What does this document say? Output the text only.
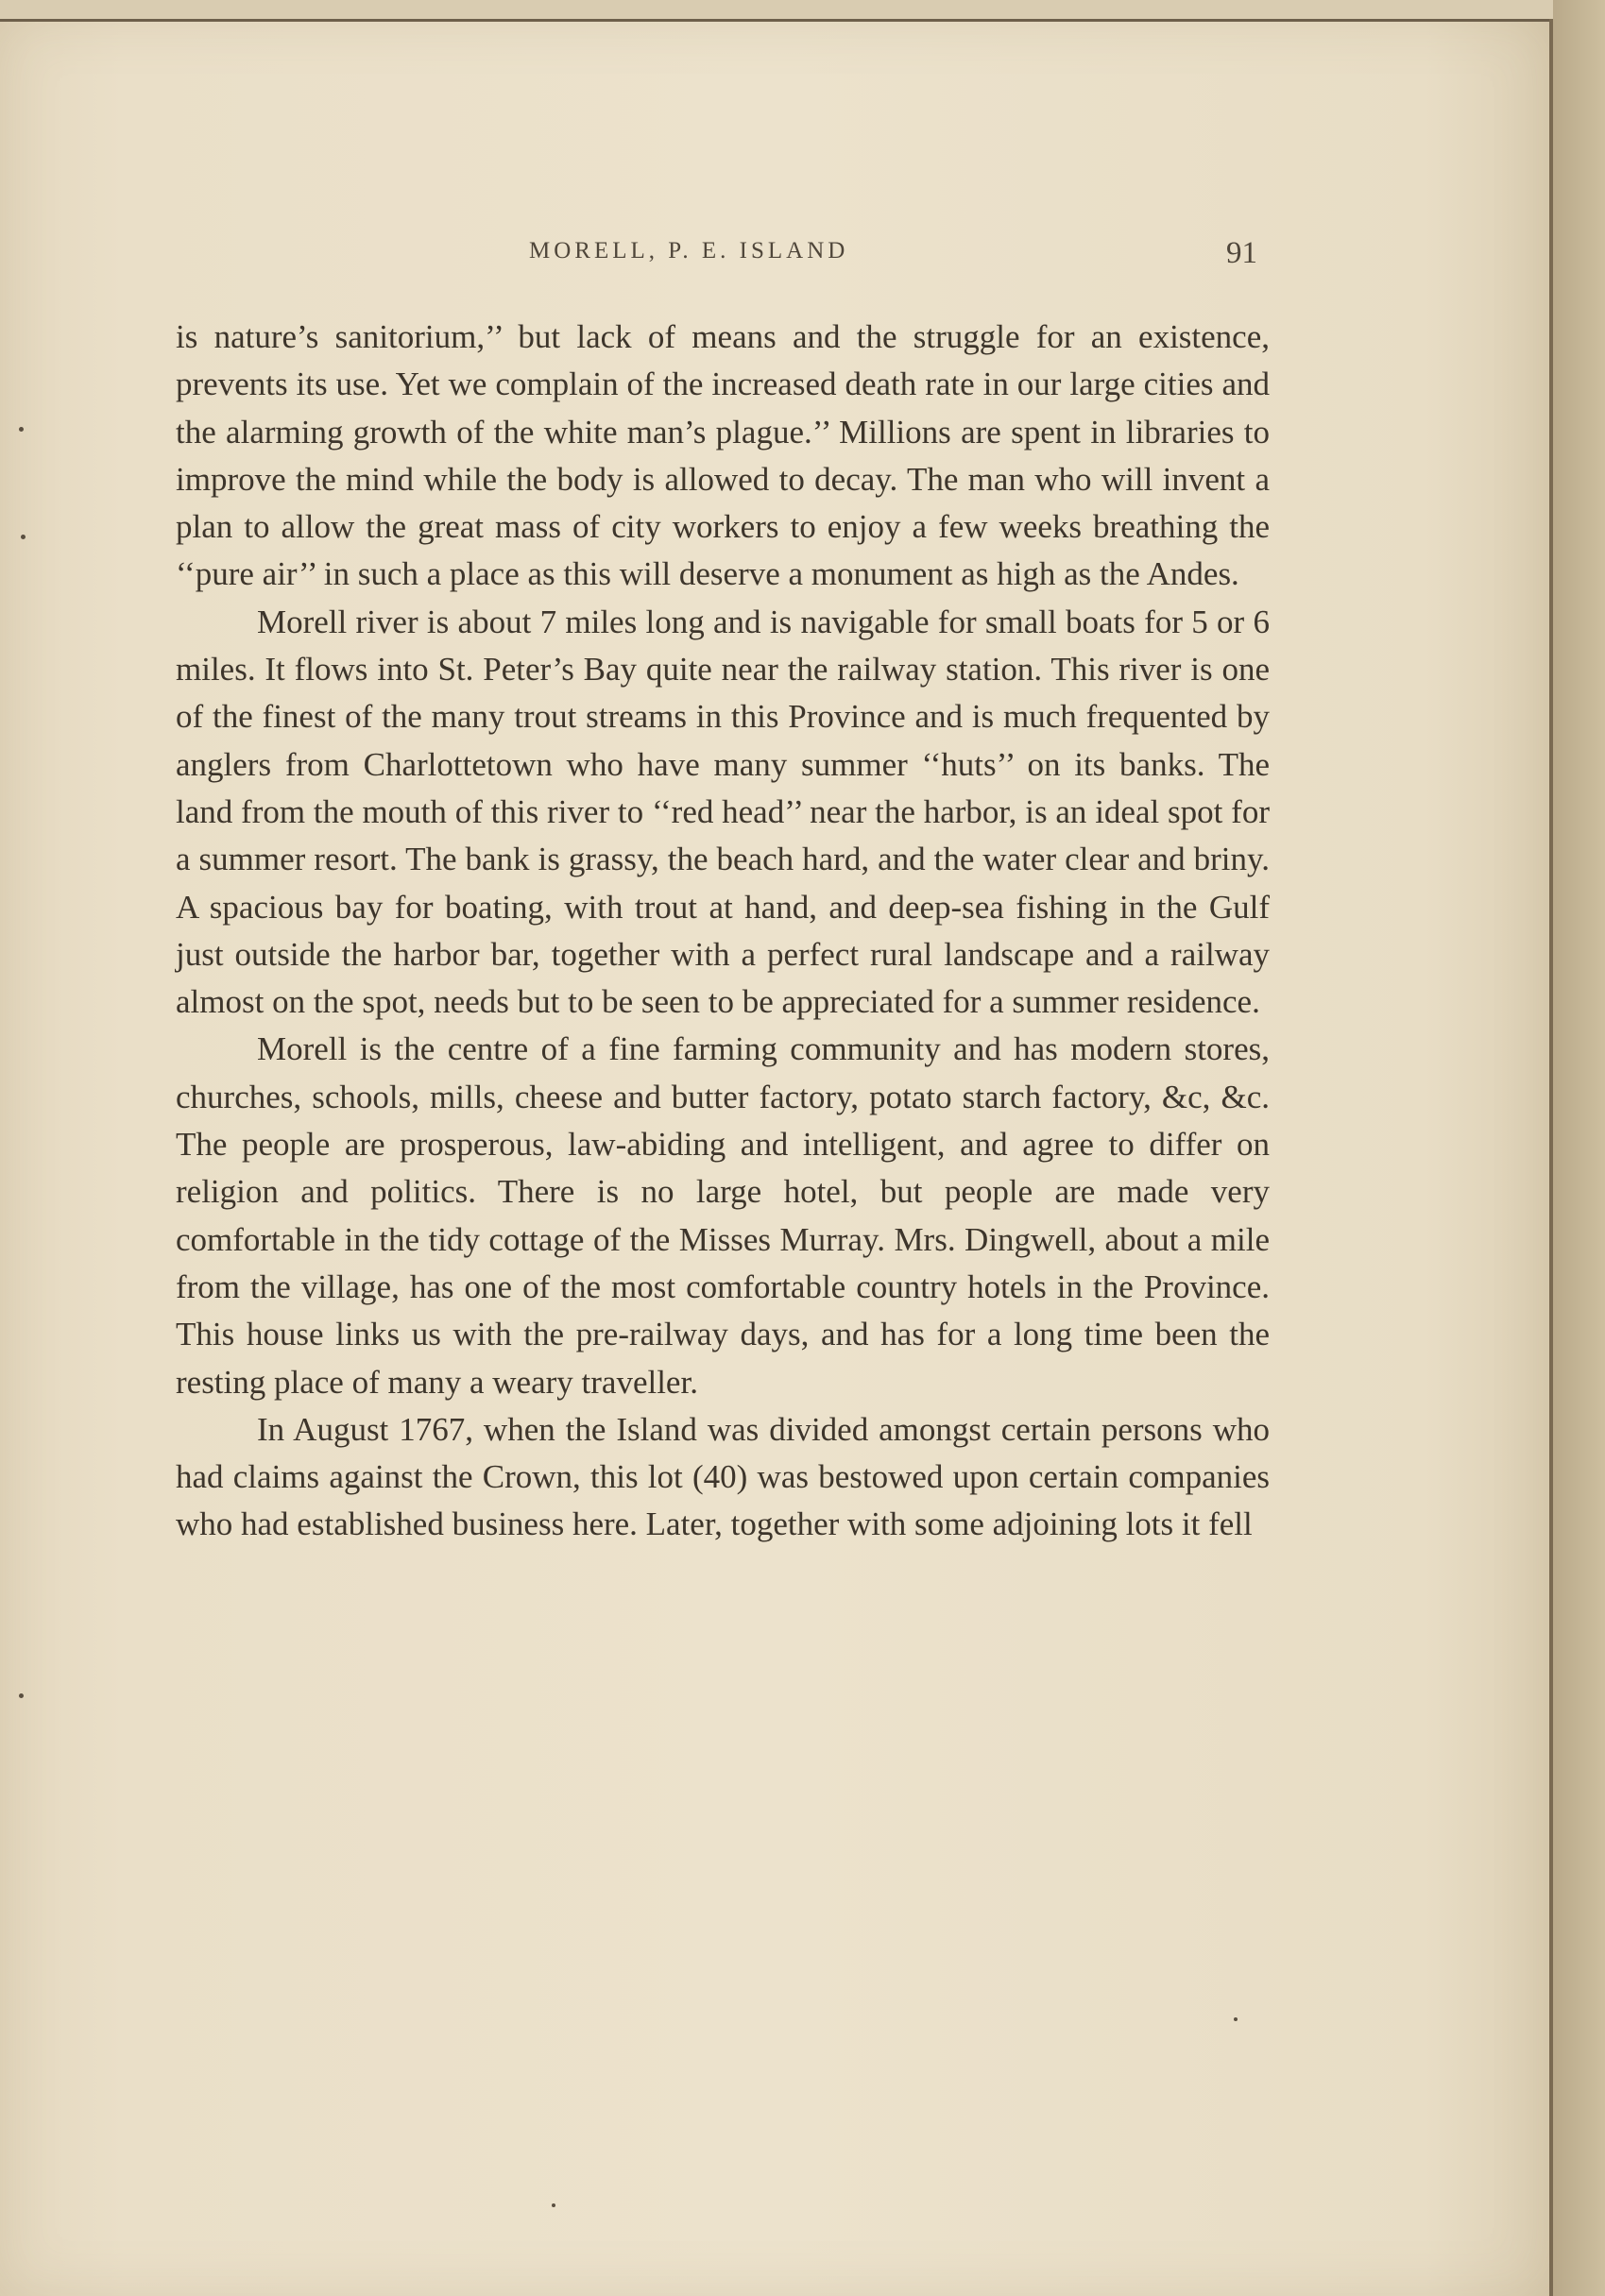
MORELL, P. E. ISLAND	91

is nature’s sanitorium,’’ but lack of means and the struggle for an existence, prevents its use. Yet we complain of the increased death rate in our large cities and the alarming growth of the white man’s plague.’’ Millions are spent in libraries to improve the mind while the body is allowed to decay. The man who will invent a plan to allow the great mass of city workers to enjoy a few weeks breathing the ‘‘pure air’’ in such a place as this will deserve a monument as high as the Andes.

Morell river is about 7 miles long and is navigable for small boats for 5 or 6 miles. It flows into St. Peter’s Bay quite near the railway station. This river is one of the finest of the many trout streams in this Province and is much frequented by anglers from Charlottetown who have many summer ‘‘huts’’ on its banks. The land from the mouth of this river to ‘‘red head’’ near the harbor, is an ideal spot for a summer resort. The bank is grassy, the beach hard, and the water clear and briny. A spacious bay for boating, with trout at hand, and deep-sea fishing in the Gulf just outside the harbor bar, together with a perfect rural landscape and a railway almost on the spot, needs but to be seen to be appreciated for a summer residence.

Morell is the centre of a fine farming community and has modern stores, churches, schools, mills, cheese and butter factory, potato starch factory, &c, &c. The people are prosperous, law-abiding and intelligent, and agree to differ on religion and politics. There is no large hotel, but people are made very comfortable in the tidy cottage of the Misses Murray. Mrs. Dingwell, about a mile from the village, has one of the most comfortable country hotels in the Province. This house links us with the pre-railway days, and has for a long time been the resting place of many a weary traveller.

In August 1767, when the Island was divided amongst certain persons who had claims against the Crown, this lot (40) was bestowed upon certain companies who had established business here. Later, together with some adjoining lots it fell
